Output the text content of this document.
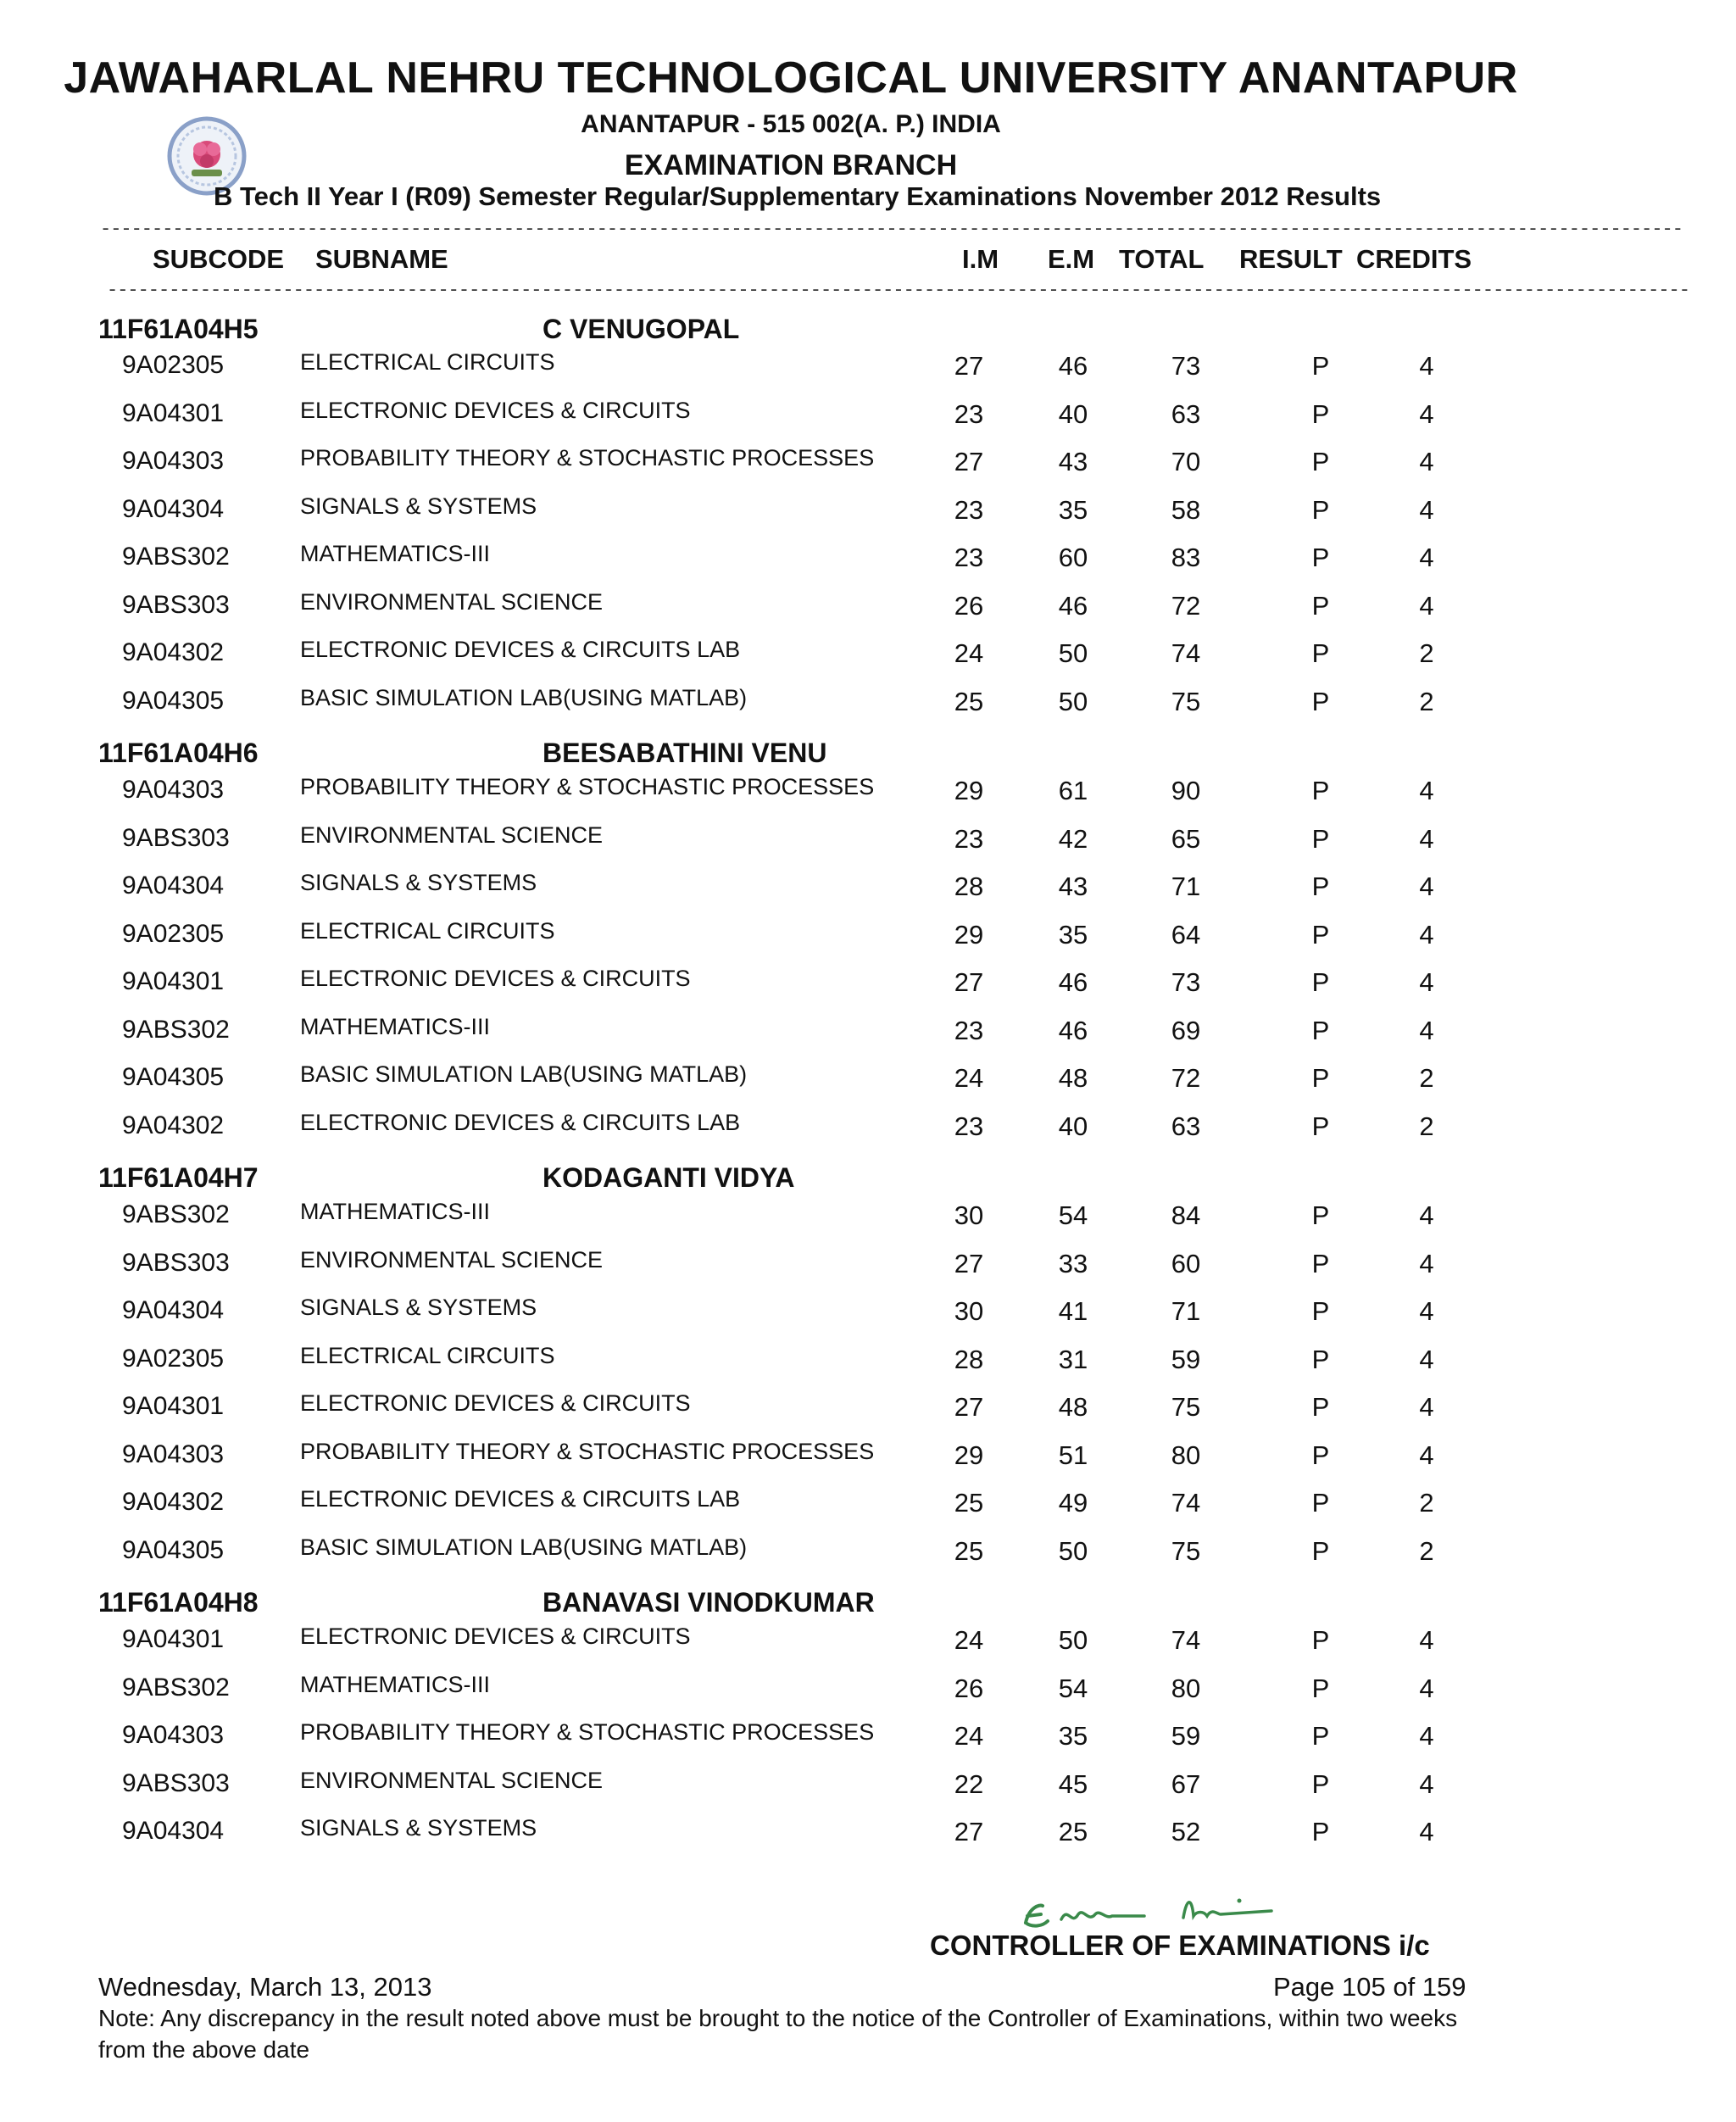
JAWAHARLAL NEHRU TECHNOLOGICAL UNIVERSITY ANANTAPUR
ANANTAPUR - 515 002(A. P.) INDIA
EXAMINATION BRANCH
B Tech II Year I (R09) Semester Regular/Supplementary Examinations November 2012 Results
---------------------------------------------------------------------------------------------------------------------------------------------------------
SUBCODE SUBNAME	I.M E.M TOTAL RESULT CREDITS
---------------------------------------------------------------------------------------------------------------------------------------------------------
11F61A04H5	C VENUGOPAL
9A02305	ELECTRICAL CIRCUITS	27	46	73	P	4
9A04301	ELECTRONIC DEVICES & CIRCUITS	23	40	63	P	4
9A04303	PROBABILITY THEORY & STOCHASTIC PROCESSES	27	43	70	P	4
9A04304	SIGNALS & SYSTEMS	23	35	58	P	4
9ABS302	MATHEMATICS-III	23	60	83	P	4
9ABS303	ENVIRONMENTAL SCIENCE	26	46	72	P	4
9A04302	ELECTRONIC DEVICES & CIRCUITS LAB	24	50	74	P	2
9A04305	BASIC SIMULATION LAB(USING MATLAB)	25	50	75	P	2
11F61A04H6	BEESABATHINI VENU
9A04303	PROBABILITY THEORY & STOCHASTIC PROCESSES	29	61	90	P	4
9ABS303	ENVIRONMENTAL SCIENCE	23	42	65	P	4
9A04304	SIGNALS & SYSTEMS	28	43	71	P	4
9A02305	ELECTRICAL CIRCUITS	29	35	64	P	4
9A04301	ELECTRONIC DEVICES & CIRCUITS	27	46	73	P	4
9ABS302	MATHEMATICS-III	23	46	69	P	4
9A04305	BASIC SIMULATION LAB(USING MATLAB)	24	48	72	P	2
9A04302	ELECTRONIC DEVICES & CIRCUITS LAB	23	40	63	P	2
11F61A04H7	KODAGANTI VIDYA
9ABS302	MATHEMATICS-III	30	54	84	P	4
9ABS303	ENVIRONMENTAL SCIENCE	27	33	60	P	4
9A04304	SIGNALS & SYSTEMS	30	41	71	P	4
9A02305	ELECTRICAL CIRCUITS	28	31	59	P	4
9A04301	ELECTRONIC DEVICES & CIRCUITS	27	48	75	P	4
9A04303	PROBABILITY THEORY & STOCHASTIC PROCESSES	29	51	80	P	4
9A04302	ELECTRONIC DEVICES & CIRCUITS LAB	25	49	74	P	2
9A04305	BASIC SIMULATION LAB(USING MATLAB)	25	50	75	P	2
11F61A04H8	BANAVASI VINODKUMAR
9A04301	ELECTRONIC DEVICES & CIRCUITS	24	50	74	P	4
9ABS302	MATHEMATICS-III	26	54	80	P	4
9A04303	PROBABILITY THEORY & STOCHASTIC PROCESSES	24	35	59	P	4
9ABS303	ENVIRONMENTAL SCIENCE	22	45	67	P	4
9A04304	SIGNALS & SYSTEMS	27	25	52	P	4
CONTROLLER OF EXAMINATIONS i/c
Wednesday, March 13, 2013	Page 105 of 159
Note: Any discrepancy in the result noted above must be brought to the notice of the Controller of Examinations, within two weeks from the above date
